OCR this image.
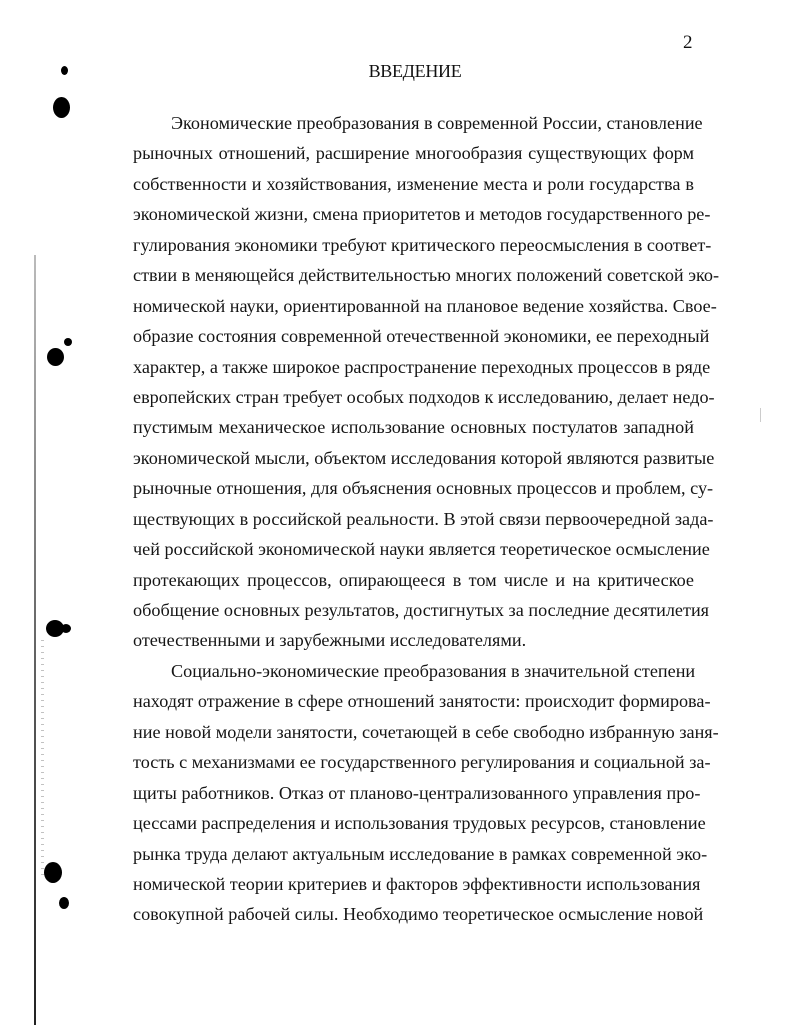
2
ВВЕДЕНИЕ
Экономические преобразования в современной России, становление
рыночных отношений, расширение многообразия существующих форм
собственности и хозяйствования, изменение места и роли государства в
экономической жизни, смена приоритетов и методов государственного ре-
гулирования экономики требуют критического переосмысления в соответ-
ствии в меняющейся действительностью многих положений советской эко-
номической науки, ориентированной на плановое ведение хозяйства. Свое-
образие состояния современной отечественной экономики, ее переходный
характер, а также широкое распространение переходных процессов в ряде
европейских стран требует особых подходов к исследованию, делает недо-
пустимым механическое использование основных постулатов западной
экономической мысли, объектом исследования которой являются развитые
рыночные отношения, для объяснения основных процессов и проблем, су-
ществующих в российской реальности. В этой связи первоочередной зада-
чей российской экономической науки является теоретическое осмысление
протекающих процессов, опирающееся в том числе и на критическое
обобщение основных результатов, достигнутых за последние десятилетия
отечественными и зарубежными исследователями.
Социально-экономические преобразования в значительной степени
находят отражение в сфере отношений занятости: происходит формирова-
ние новой модели занятости, сочетающей в себе свободно избранную заня-
тость с механизмами ее государственного регулирования и социальной за-
щиты работников. Отказ от планово-централизованного управления про-
цессами распределения и использования трудовых ресурсов, становление
рынка труда делают актуальным исследование в рамках современной эко-
номической теории критериев и факторов эффективности использования
совокупной рабочей силы. Необходимо теоретическое осмысление новой
